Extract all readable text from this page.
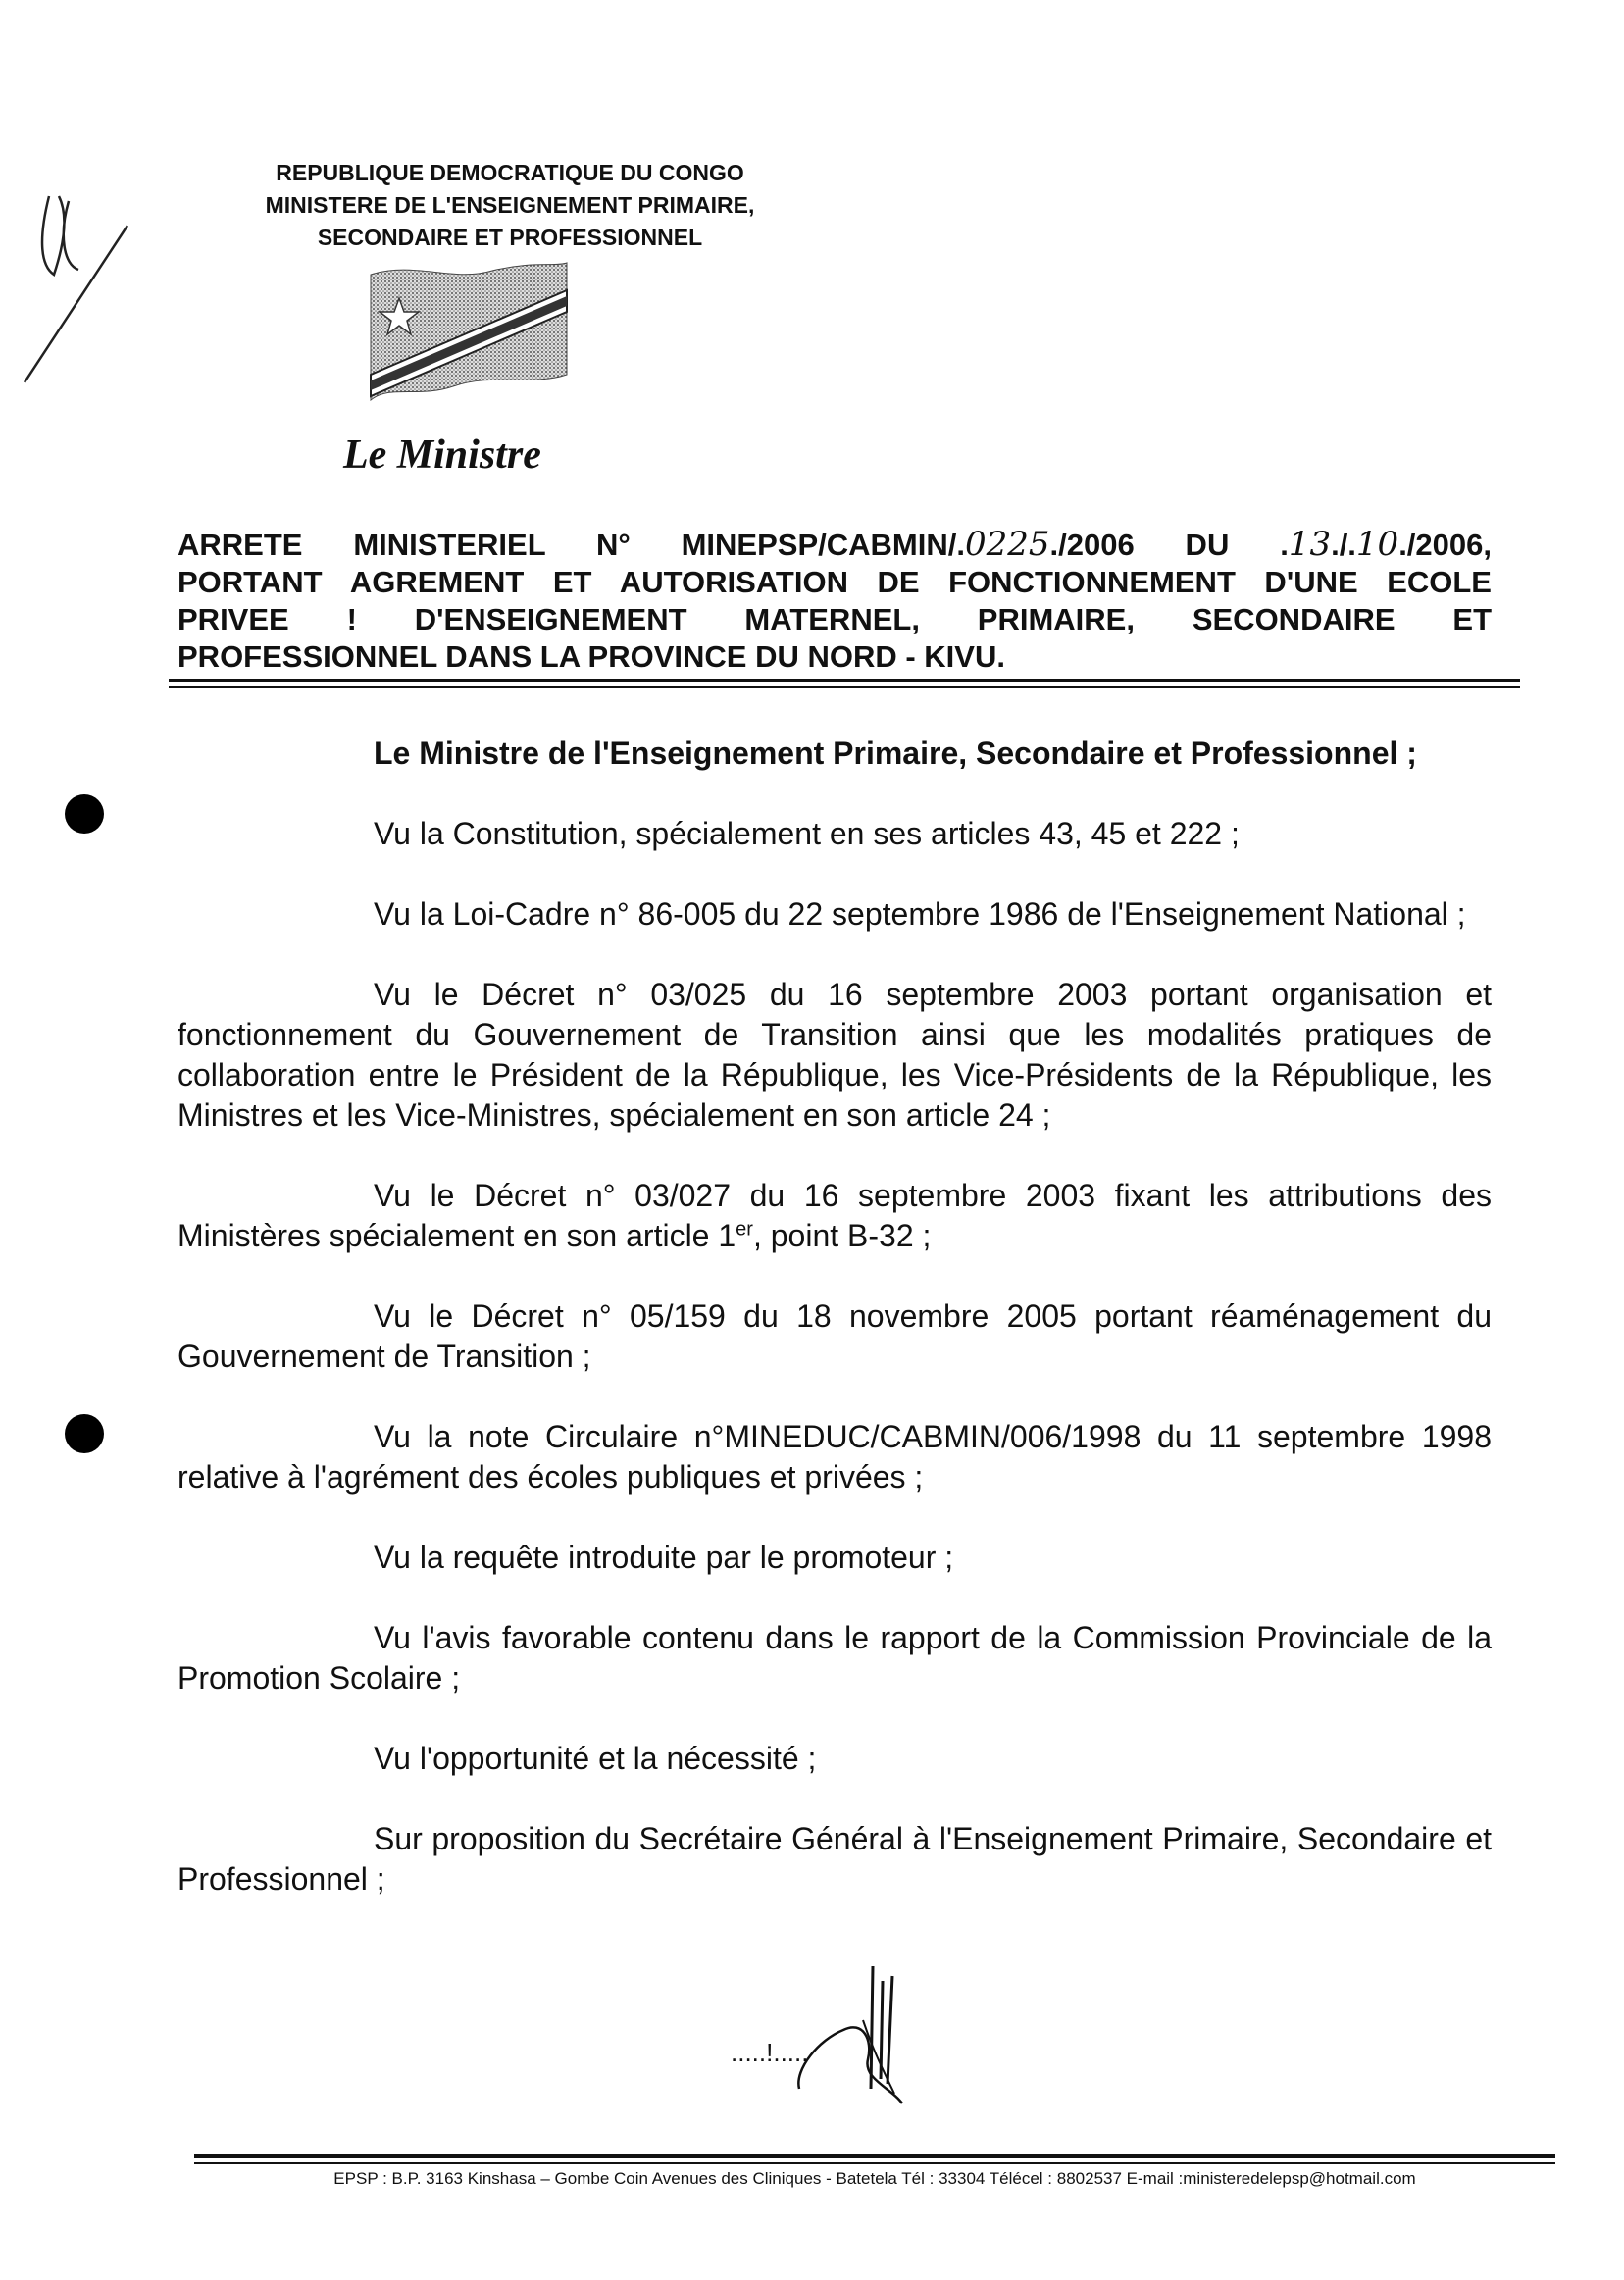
REPUBLIQUE DEMOCRATIQUE DU CONGO
MINISTERE DE L'ENSEIGNEMENT PRIMAIRE,
SECONDAIRE ET PROFESSIONNEL
Le Ministre
ARRETE MINISTERIEL N° MINEPSP/CABMIN/.0225./2006 DU .13./.10./2006,
PORTANT AGREMENT ET AUTORISATION DE FONCTIONNEMENT D'UNE ECOLE
PRIVEE ! D'ENSEIGNEMENT MATERNEL, PRIMAIRE, SECONDAIRE ET
PROFESSIONNEL DANS LA PROVINCE DU NORD - KIVU.

Le Ministre de l'Enseignement Primaire, Secondaire et Professionnel ;

Vu la Constitution, spécialement en ses articles 43, 45 et 222 ;

Vu la Loi-Cadre n° 86-005 du 22 septembre 1986 de l'Enseignement National ;

Vu le Décret n° 03/025 du 16 septembre 2003 portant organisation et fonctionnement du Gouvernement de Transition ainsi que les modalités pratiques de collaboration entre le Président de la République, les Vice-Présidents de la République, les Ministres et les Vice-Ministres, spécialement en son article 24 ;

Vu le Décret n° 03/027 du 16 septembre 2003 fixant les attributions des Ministères spécialement en son article 1er, point B-32 ;

Vu le Décret n° 05/159 du 18 novembre 2005 portant réaménagement du Gouvernement de Transition ;

Vu la note Circulaire n°MINEDUC/CABMIN/006/1998 du 11 septembre 1998 relative à l'agrément des écoles publiques et privées ;

Vu la requête introduite par le promoteur ;

Vu l'avis favorable contenu dans le rapport de la Commission Provinciale de la Promotion Scolaire ;

Vu l'opportunité et la nécessité ;

Sur proposition du Secrétaire Général à l'Enseignement Primaire, Secondaire et Professionnel ;

.....!.....
EPSP : B.P. 3163 Kinshasa – Gombe Coin Avenues des Cliniques - Batetela Tél : 33304 Télécel : 8802537 E-mail :ministeredelepsp@hotmail.com
